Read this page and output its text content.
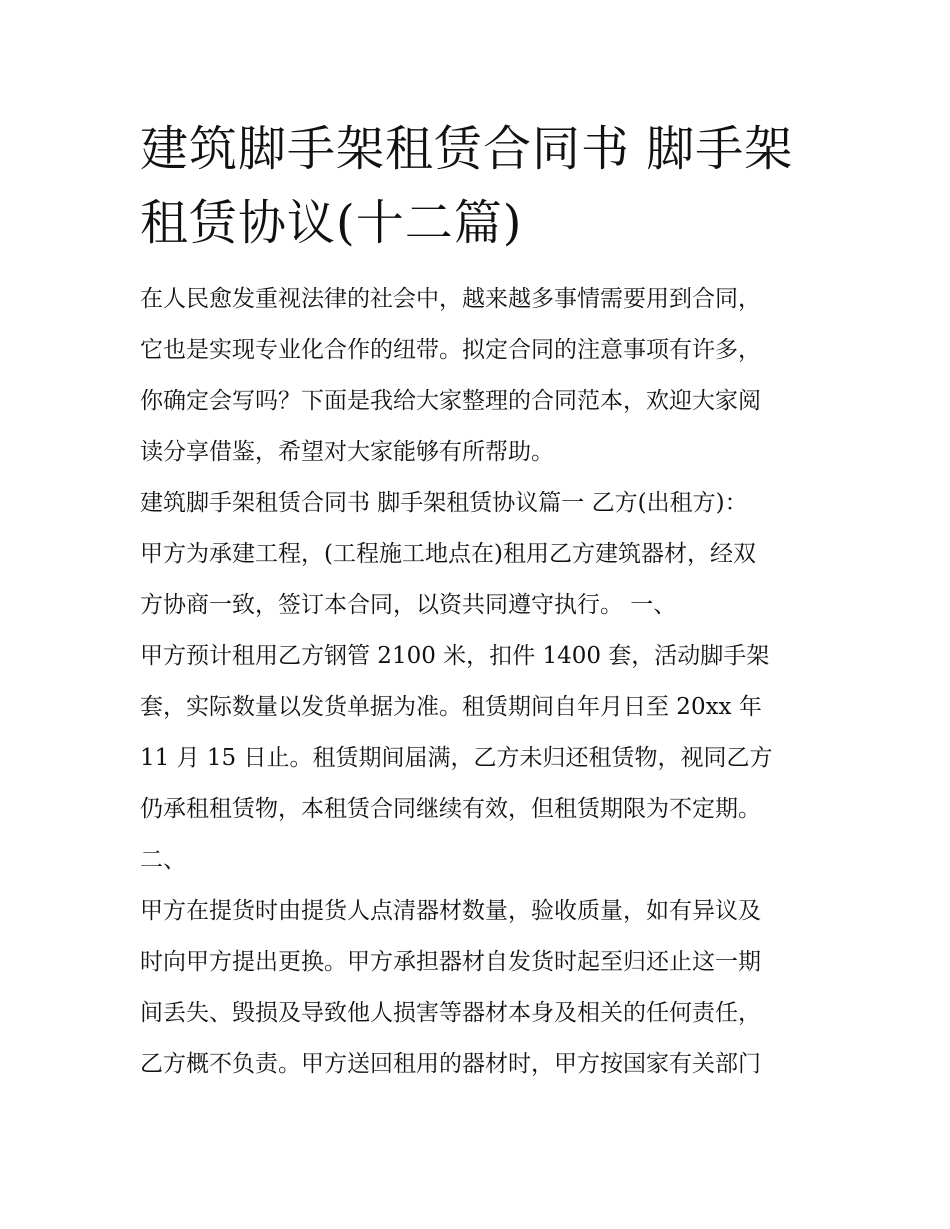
建筑脚手架租赁合同书 脚手架
租赁协议(十二篇)

在人民愈发重视法律的社会中，越来越多事情需要用到合同，
它也是实现专业化合作的纽带。拟定合同的注意事项有许多，
你确定会写吗？下面是我给大家整理的合同范本，欢迎大家阅
读分享借鉴，希望对大家能够有所帮助。

建筑脚手架租赁合同书 脚手架租赁协议篇一 乙方(出租方)：
甲方为承建工程，(工程施工地点在)租用乙方建筑器材，经双
方协商一致，签订本合同，以资共同遵守执行。 一、
甲方预计租用乙方钢管 2100 米，扣件 1400 套，活动脚手架
套，实际数量以发货单据为准。租赁期间自年月日至 20xx 年
11 月 15 日止。租赁期间届满，乙方未归还租赁物，视同乙方
仍承租租赁物，本租赁合同继续有效，但租赁期限为不定期。
二、

甲方在提货时由提货人点清器材数量，验收质量，如有异议及
时向甲方提出更换。甲方承担器材自发货时起至归还止这一期
间丢失、毁损及导致他人损害等器材本身及相关的任何责任，
乙方概不负责。甲方送回租用的器材时，甲方按国家有关部门
